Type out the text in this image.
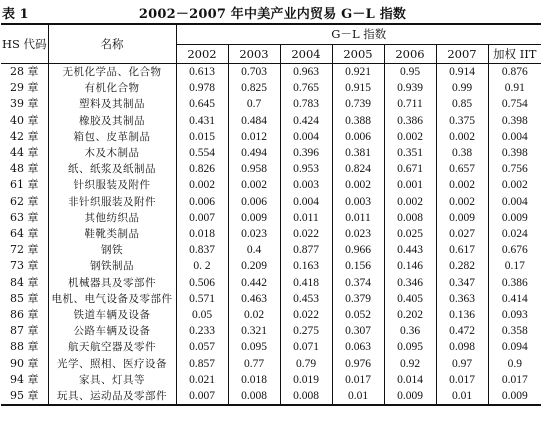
2002－2007 年中美产业内贸易 G－L 指数
表 1
HS 代码	名称	G－L 指数						
		2002	2003	2004	2005	2006	2007	加权 IIT
28 章	无机化学品、化合物	0.613	0.703	0.963	0.921	0.95	0.914	0.876
29 章	有机化合物	0.978	0.825	0.765	0.915	0.939	0.99	0.91
39 章	塑料及其制品	0.645	0.7	0.783	0.739	0.711	0.85	0.754
40 章	橡胶及其制品	0.431	0.484	0.424	0.388	0.386	0.375	0.398
42 章	箱包、皮革制品	0.015	0.012	0.004	0.006	0.002	0.002	0.004
44 章	木及木制品	0.554	0.494	0.396	0.381	0.351	0.38	0.398
48 章	纸、纸浆及纸制品	0.826	0.958	0.953	0.824	0.671	0.657	0.756
61 章	针织服装及附件	0.002	0.002	0.003	0.002	0.001	0.002	0.002
62 章	非针织服装及附件	0.006	0.006	0.004	0.003	0.002	0.002	0.004
63 章	其他纺织品	0.007	0.009	0.011	0.011	0.008	0.009	0.009
64 章	鞋靴类制品	0.018	0.023	0.022	0.023	0.025	0.027	0.024
72 章	钢铁	0.837	0.4	0.877	0.966	0.443	0.617	0.676
73 章	钢铁制品	0. 2	0.209	0.163	0.156	0.146	0.282	0.17
84 章	机械器具及零部件	0.506	0.442	0.418	0.374	0.346	0.347	0.386
85 章	电机、电气设备及零部件	0.571	0.463	0.453	0.379	0.405	0.363	0.414
86 章	铁道车辆及设备	0.05	0.02	0.022	0.052	0.202	0.136	0.093
87 章	公路车辆及设备	0.233	0.321	0.275	0.307	0.36	0.472	0.358
88 章	航天航空器及零件	0.057	0.095	0.071	0.063	0.095	0.098	0.094
90 章	光学、照相、医疗设备	0.857	0.77	0.79	0.976	0.92	0.97	0.9
94 章	家具、灯具等	0.021	0.018	0.019	0.017	0.014	0.017	0.017
95 章	玩具、运动品及零部件	0.007	0.008	0.008	0.01	0.009	0.01	0.009
